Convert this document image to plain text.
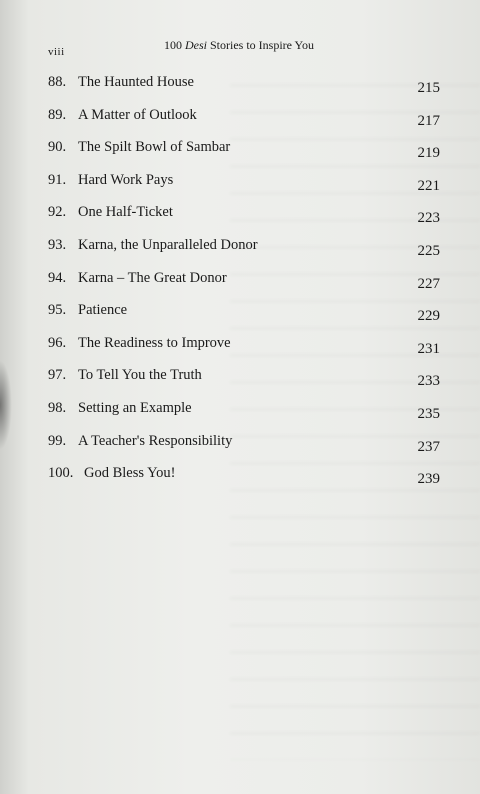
viii	100 Desi Stories to Inspire You
88. The Haunted House	215
89. A Matter of Outlook	217
90. The Spilt Bowl of Sambar	219
91. Hard Work Pays	221
92. One Half-Ticket	223
93. Karna, the Unparalleled Donor	225
94. Karna – The Great Donor	227
95. Patience	229
96. The Readiness to Improve	231
97. To Tell You the Truth	233
98. Setting an Example	235
99. A Teacher's Responsibility	237
100. God Bless You!	239
